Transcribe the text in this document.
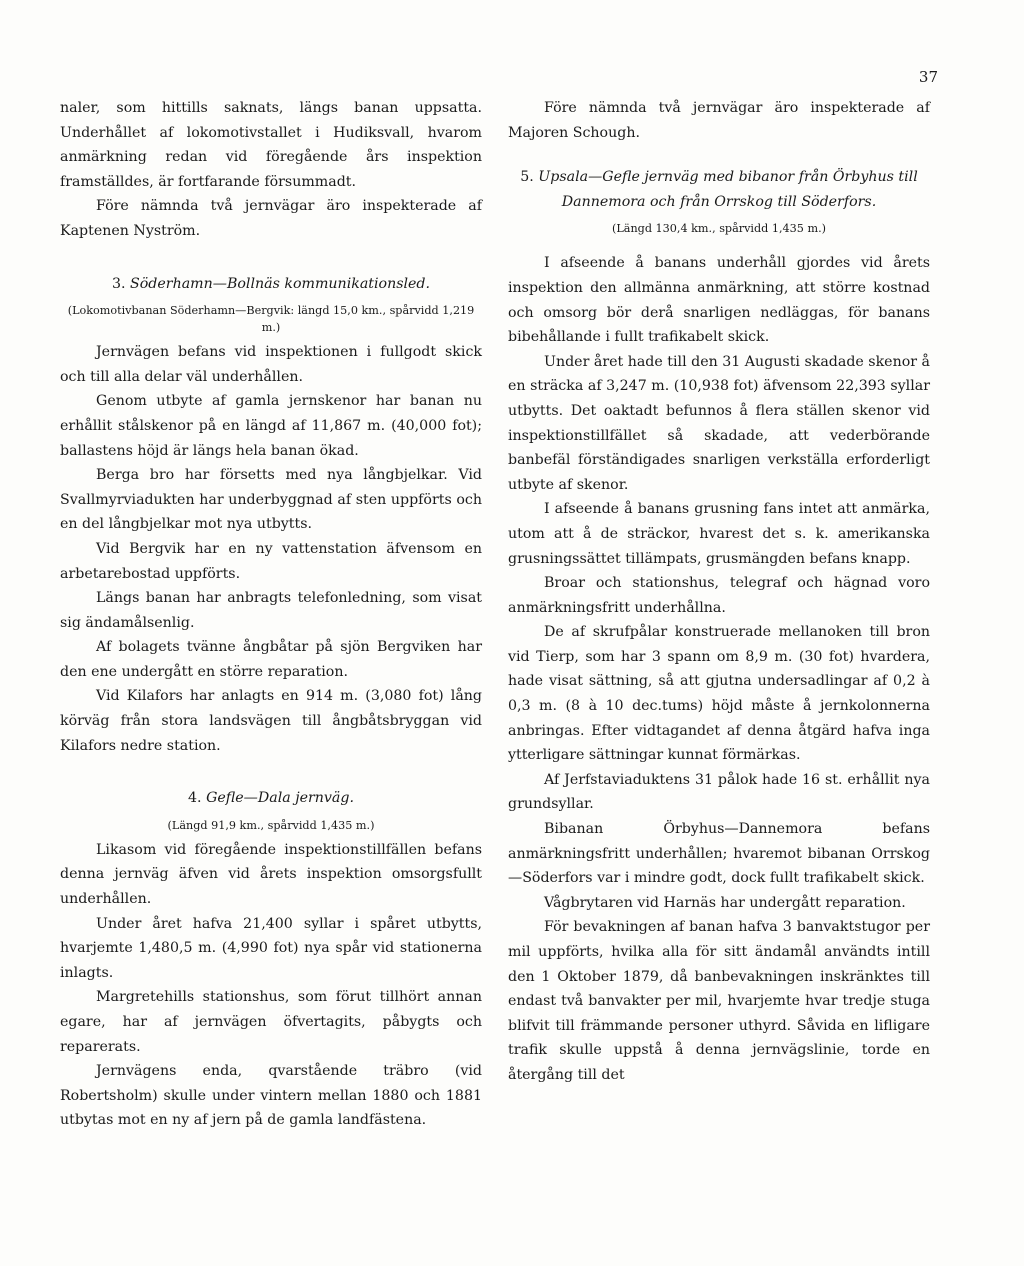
37

naler, som hittills saknats, längs banan uppsatta. Underhållet af lokomotivstallet i Hudiksvall, hvarom anmärkning redan vid föregående års inspektion framställdes, är fortfarande försummadt.

Före nämnda två jernvägar äro inspekterade af Kaptenen Nyström.

3. Söderhamn—Bollnäs kommunikationsled.

(Lokomotivbanan Söderhamn—Bergvik: längd 15,0 km., spårvidd 1,219 m.)

Jernvägen befans vid inspektionen i fullgodt skick och till alla delar väl underhållen.

Genom utbyte af gamla jernskenor har banan nu erhållit stålskenor på en längd af 11,867 m. (40,000 fot); ballastens höjd är längs hela banan ökad.

Berga bro har försetts med nya långbjelkar. Vid Svallmyrviadukten har underbyggnad af sten uppförts och en del långbjelkar mot nya utbytts.

Vid Bergvik har en ny vattenstation äfvensom en arbetarebostad uppförts.

Längs banan har anbragts telefonledning, som visat sig ändamålsenlig.

Af bolagets tvänne ångbåtar på sjön Bergviken har den ene undergått en större reparation.

Vid Kilafors har anlagts en 914 m. (3,080 fot) lång körväg från stora landsvägen till ångbåtsbryggan vid Kilafors nedre station.

4. Gefle—Dala jernväg.

(Längd 91,9 km., spårvidd 1,435 m.)

Likasom vid föregående inspektionstillfällen befans denna jernväg äfven vid årets inspektion omsorgsfullt underhållen.

Under året hafva 21,400 syllar i spåret utbytts, hvarjemte 1,480,5 m. (4,990 fot) nya spår vid stationerna inlagts.

Margretehills stationshus, som förut tillhört annan egare, har af jernvägen öfvertagits, påbygts och reparerats.

Jernvägens enda, qvarstående träbro (vid Robertsholm) skulle under vintern mellan 1880 och 1881 utbytas mot en ny af jern på de gamla landfästena.

Före nämnda två jernvägar äro inspekterade af Majoren Schough.

5. Upsala—Gefle jernväg med bibanor från Örbyhus till Dannemora och från Orrskog till Söderfors.

(Längd 130,4 km., spårvidd 1,435 m.)

I afseende å banans underhåll gjordes vid årets inspektion den allmänna anmärkning, att större kostnad och omsorg bör derå snarligen nedläggas, för banans bibehållande i fullt trafikabelt skick.

Under året hade till den 31 Augusti skadade skenor å en sträcka af 3,247 m. (10,938 fot) äfvensom 22,393 syllar utbytts. Det oaktadt befunnos å flera ställen skenor vid inspektionstillfället så skadade, att vederbörande banbefäl förständigades snarligen verkställa erforderligt utbyte af skenor.

I afseende å banans grusning fans intet att anmärka, utom att å de sträckor, hvarest det s. k. amerikanska grusningssättet tillämpats, grusmängden befans knapp.

Broar och stationshus, telegraf och hägnad voro anmärkningsfritt underhållna.

De af skrufpålar konstruerade mellanoken till bron vid Tierp, som har 3 spann om 8,9 m. (30 fot) hvardera, hade visat sättning, så att gjutna undersadlingar af 0,2 à 0,3 m. (8 à 10 dec.tums) höjd måste å jernkolonnerna anbringas. Efter vidtagandet af denna åtgärd hafva inga ytterligare sättningar kunnat förmärkas.

Af Jerfstaviaduktens 31 pålok hade 16 st. erhållit nya grundsyllar.

Bibanan Örbyhus—Dannemora befans anmärkningsfritt underhållen; hvaremot bibanan Orrskog —Söderfors var i mindre godt, dock fullt trafikabelt skick.

Vågbrytaren vid Harnäs har undergått reparation.

För bevakningen af banan hafva 3 banvaktstugor per mil uppförts, hvilka alla för sitt ändamål användts intill den 1 Oktober 1879, då banbevakningen inskränktes till endast två banvakter per mil, hvarjemte hvar tredje stuga blifvit till främmande personer uthyrd. Såvida en lifligare trafik skulle uppstå å denna jernvägslinie, torde en återgång till det
